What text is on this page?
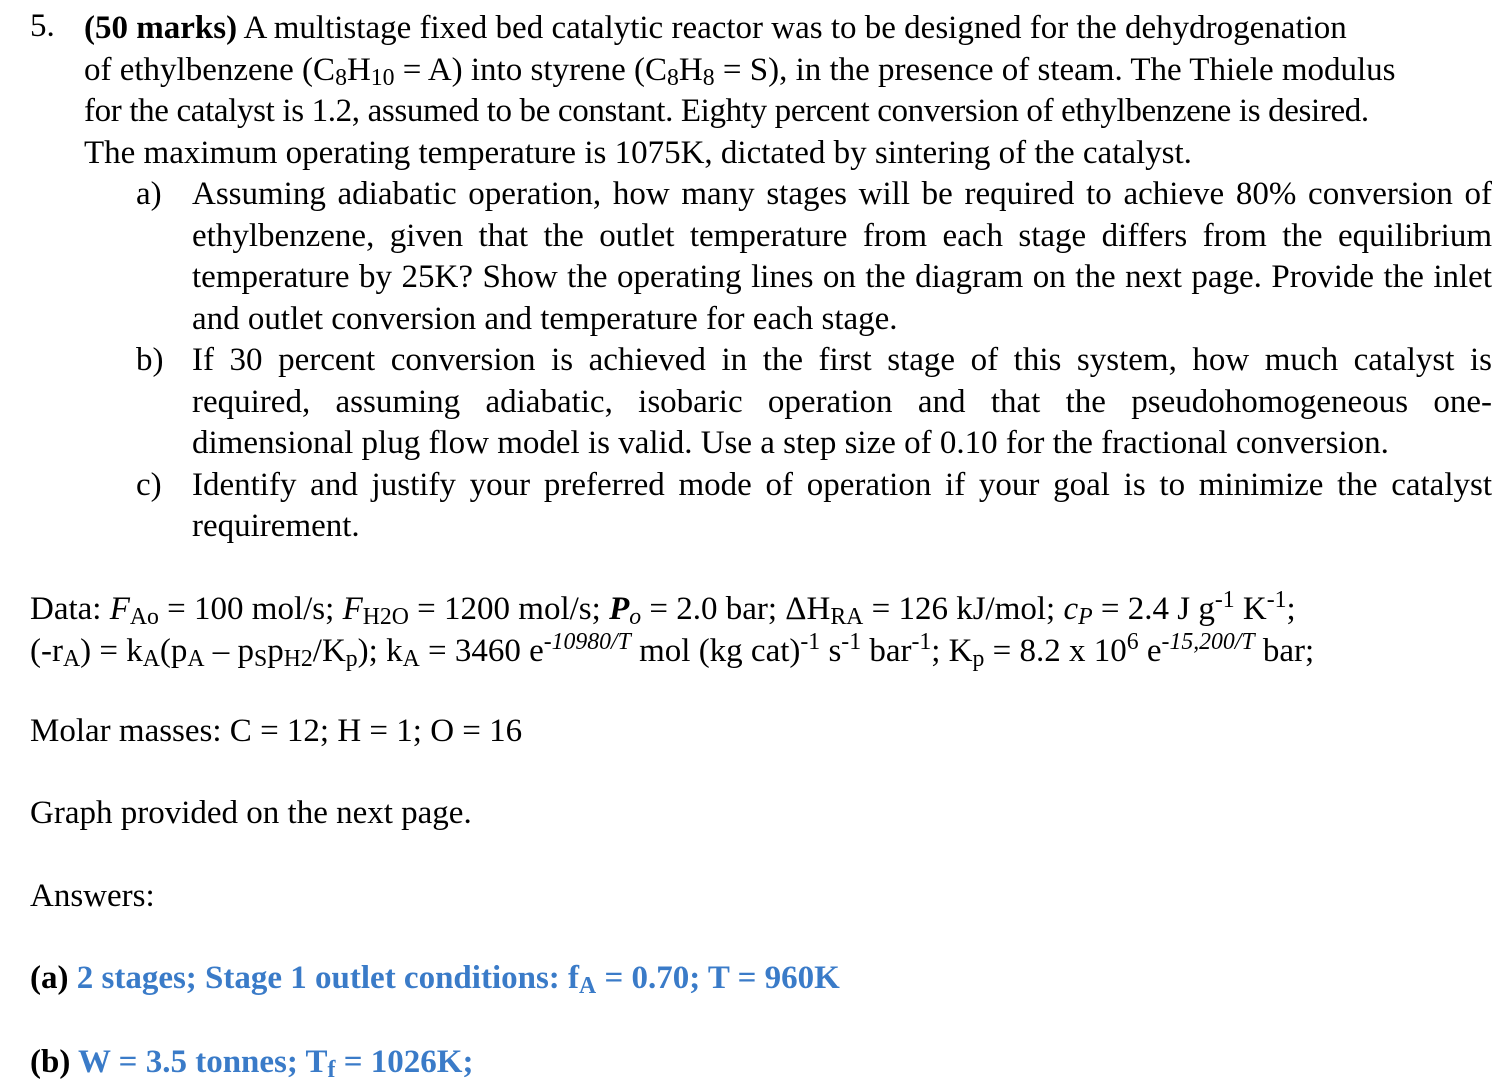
5. (50 marks) A multistage fixed bed catalytic reactor was to be designed for the dehydrogenation
of ethylbenzene $(C_8H_{10} = A)$ into styrene $(C_8H_8 = S)$, in the presence of steam. The Thiele modulus
for the catalyst is 1.2, assumed to be constant. Eighty percent conversion of ethylbenzene is desired.
The maximum operating temperature is 1075K, dictated by sintering of the catalyst.
a) Assuming adiabatic operation, how many stages will be required to achieve 80% conversion of ethylbenzene, given that the outlet temperature from each stage differs from the equilibrium temperature by 25K? Show the operating lines on the diagram on the next page. Provide the inlet and outlet conversion and temperature for each stage.
b) If 30 percent conversion is achieved in the first stage of this system, how much catalyst is required, assuming adiabatic, isobaric operation and that the pseudohomogeneous one-dimensional plug flow model is valid. Use a step size of 0.10 for the fractional conversion.
c) Identify and justify your preferred mode of operation if your goal is to minimize the catalyst requirement.
Data: $F_{Ao} = 100$ mol/s; $F_{H2O} = 1200$ mol/s; $P_o = 2.0$ bar; $\Delta H_{RA} = 126$ kJ/mol; $c_P = 2.4$ J $g^{-1}$ $K^{-1}$;
$(-r_A) = k_A(p_A - p_Sp_{H2}/K_p)$; $k_A = 3460$ $e^{-10980/T}$ mol (kg cat)$^{-1}$ $s^{-1}$ bar$^{-1}$; $K_p = 8.2$ x $10^6$ $e^{-15,200/T}$ bar;
Molar masses: C = 12; H = 1; O = 16
Graph provided on the next page.
Answers:
(a) 2 stages; Stage 1 outlet conditions: $f_A = 0.70$; T = 960K
(b) W = 3.5 tonnes; $T_f = 1026K$;
